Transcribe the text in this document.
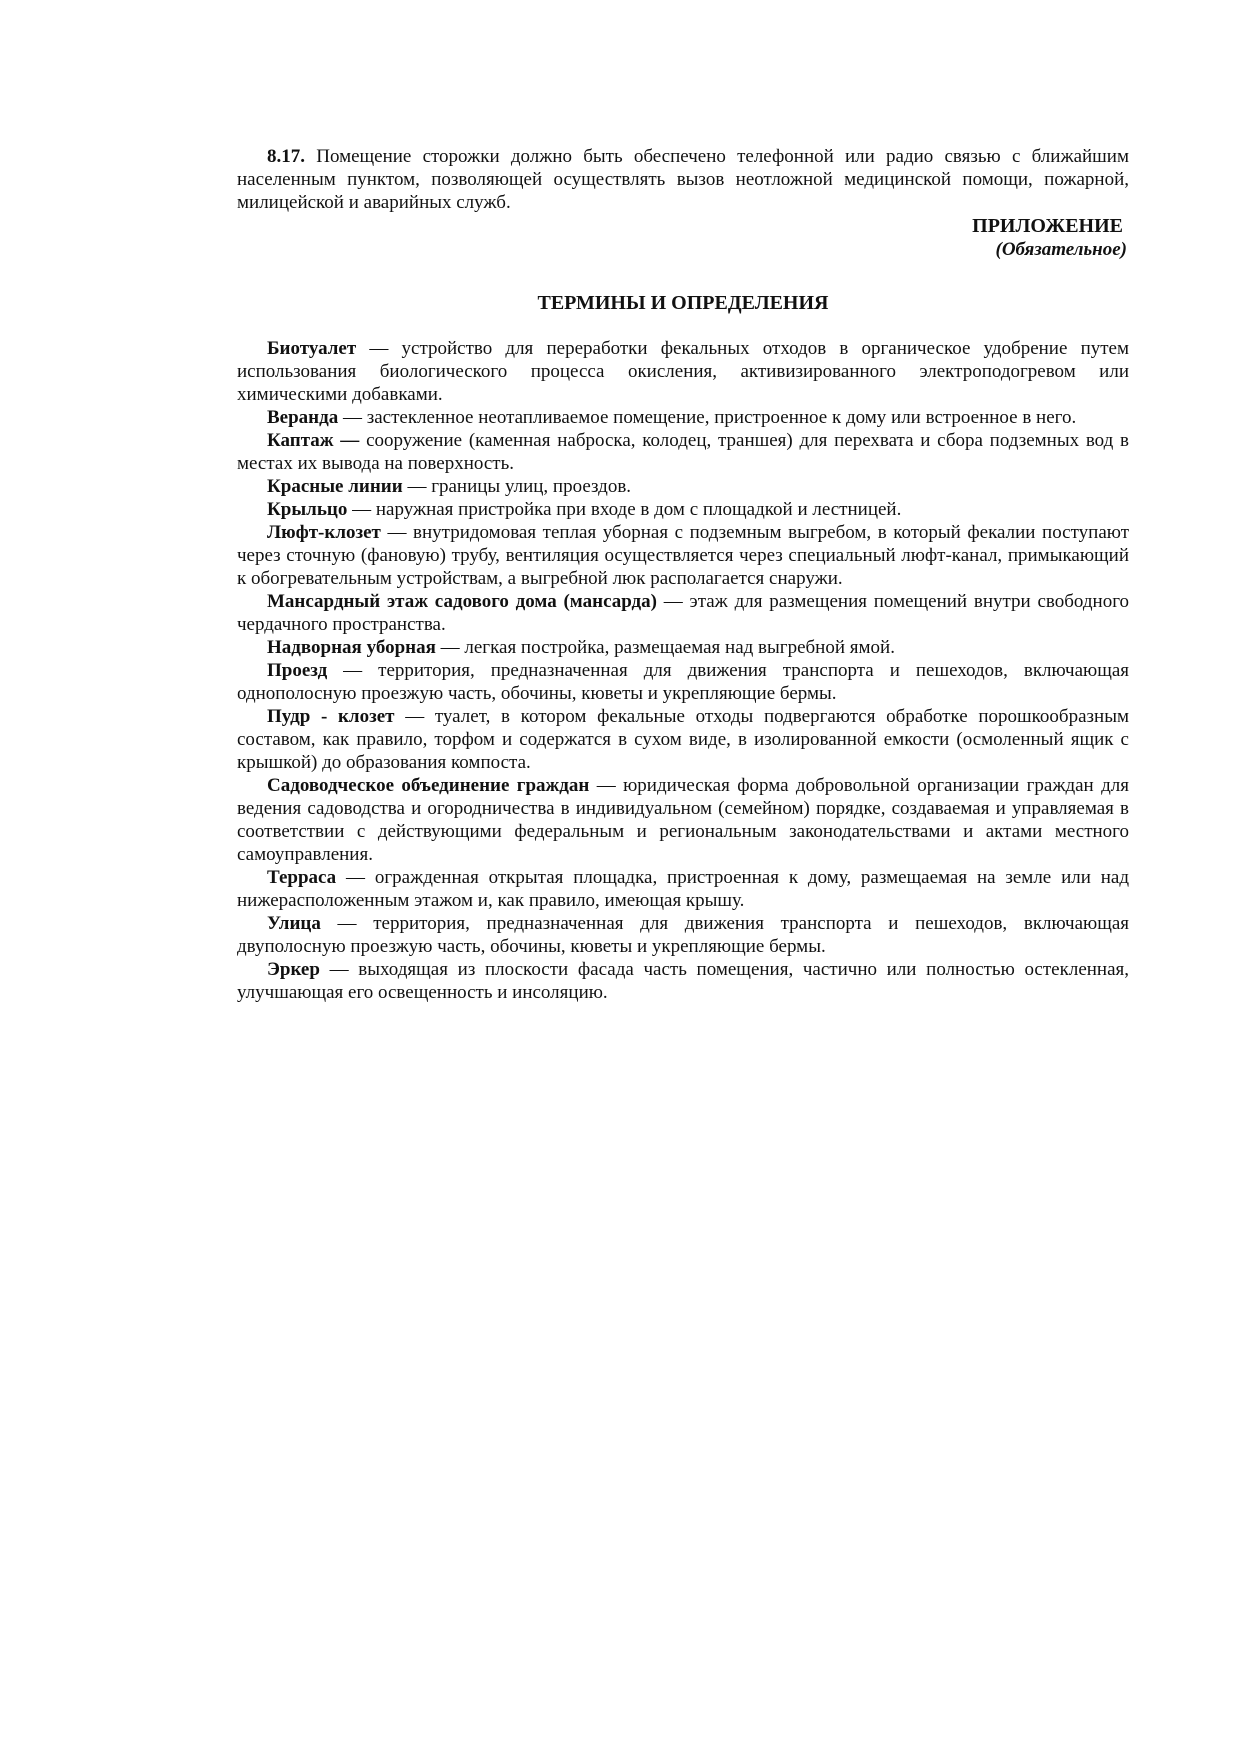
8.17. Помещение сторожки должно быть обеспечено телефонной или радио связью с ближайшим населенным пунктом, позволяющей осуществлять вызов неотложной медицинской помощи, пожарной, милицейской и аварийных служб.

ПРИЛОЖЕНИЕ

(Обязательное)

ТЕРМИНЫ И ОПРЕДЕЛЕНИЯ

Биотуалет — устройство для переработки фекальных отходов в органическое удобрение путем использования биологического процесса окисления, активизированного электроподогревом или химическими добавками.

Веранда — застекленное неотапливаемое помещение, пристроенное к дому или встроенное в него.

Каптаж — сооружение (каменная наброска, колодец, траншея) для перехвата и сбора подземных вод в местах их вывода на поверхность.

Красные линии — границы улиц, проездов.

Крыльцо — наружная пристройка при входе в дом с площадкой и лестницей.

Люфт-клозет — внутридомовая теплая уборная с подземным выгребом, в который фекалии поступают через сточную (фановую) трубу, вентиляция осуществляется через специальный люфт-канал, примыкающий к обогревательным устройствам, а выгребной люк располагается снаружи.

Мансардный этаж садового дома (мансарда) — этаж для размещения помещений внутри свободного чердачного пространства.

Надворная уборная — легкая постройка, размещаемая над выгребной ямой.

Проезд — территория, предназначенная для движения транспорта и пешеходов, включающая однополосную проезжую часть, обочины, кюветы и укрепляющие бермы.

Пудр - клозет — туалет, в котором фекальные отходы подвергаются обработке порошкообразным составом, как правило, торфом и содержатся в сухом виде, в изолированной емкости (осмоленный ящик с крышкой) до образования компоста.

Садоводческое объединение граждан — юридическая форма добровольной организации граждан для ведения садоводства и огородничества в индивидуальном (семейном) порядке, создаваемая и управляемая в соответствии с действующими федеральным и региональным законодательствами и актами местного самоуправления.

Терраса — огражденная открытая площадка, пристроенная к дому, размещаемая на земле или над нижерасположенным этажом и, как правило, имеющая крышу.

Улица — территория, предназначенная для движения транспорта и пешеходов, включающая двуполосную проезжую часть, обочины, кюветы и укрепляющие бермы.

Эркер — выходящая из плоскости фасада часть помещения, частично или полностью остекленная, улучшающая его освещенность и инсоляцию.
